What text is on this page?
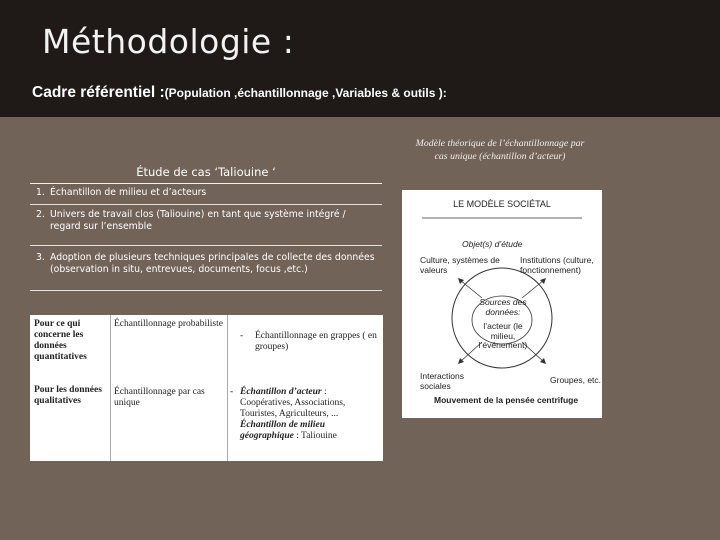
Méthodologie :
Cadre référentiel :(Population ,échantillonnage ,Variables & outils ):
Étude de cas ‘Taliouine ‘
1. Échantillon de milieu et d’acteurs
2. Univers de travail clos (Taliouine) en tant que système intégré / regard sur l’ensemble
3. Adoption de plusieurs techniques principales de collecte des données (observation in situ, entrevues, documents, focus ,etc.)
Pour ce qui concerne les données quantitatives
Échantillonnage probabiliste
- Échantillonnage en grappes ( en groupes)
Pour les données qualitatives
Échantillonnage par cas unique
- Échantillon d’acteur : Coopératives, Associations, Touristes, Agriculteurs, ...
Échantillon de milieu géographique : Taliouine
Modèle théorique de l’échantillonnage par cas unique (échantillon d’acteur)
LE MODÈLE SOCIÉTAL
Objet(s) d’étude
Culture, systèmes de valeurs
Institutions (culture, fonctionnement)
Sources des données:
l’acteur (le milieu, l’événement)
Interactions sociales
Groupes, etc.
Mouvement de la pensée centrifuge
